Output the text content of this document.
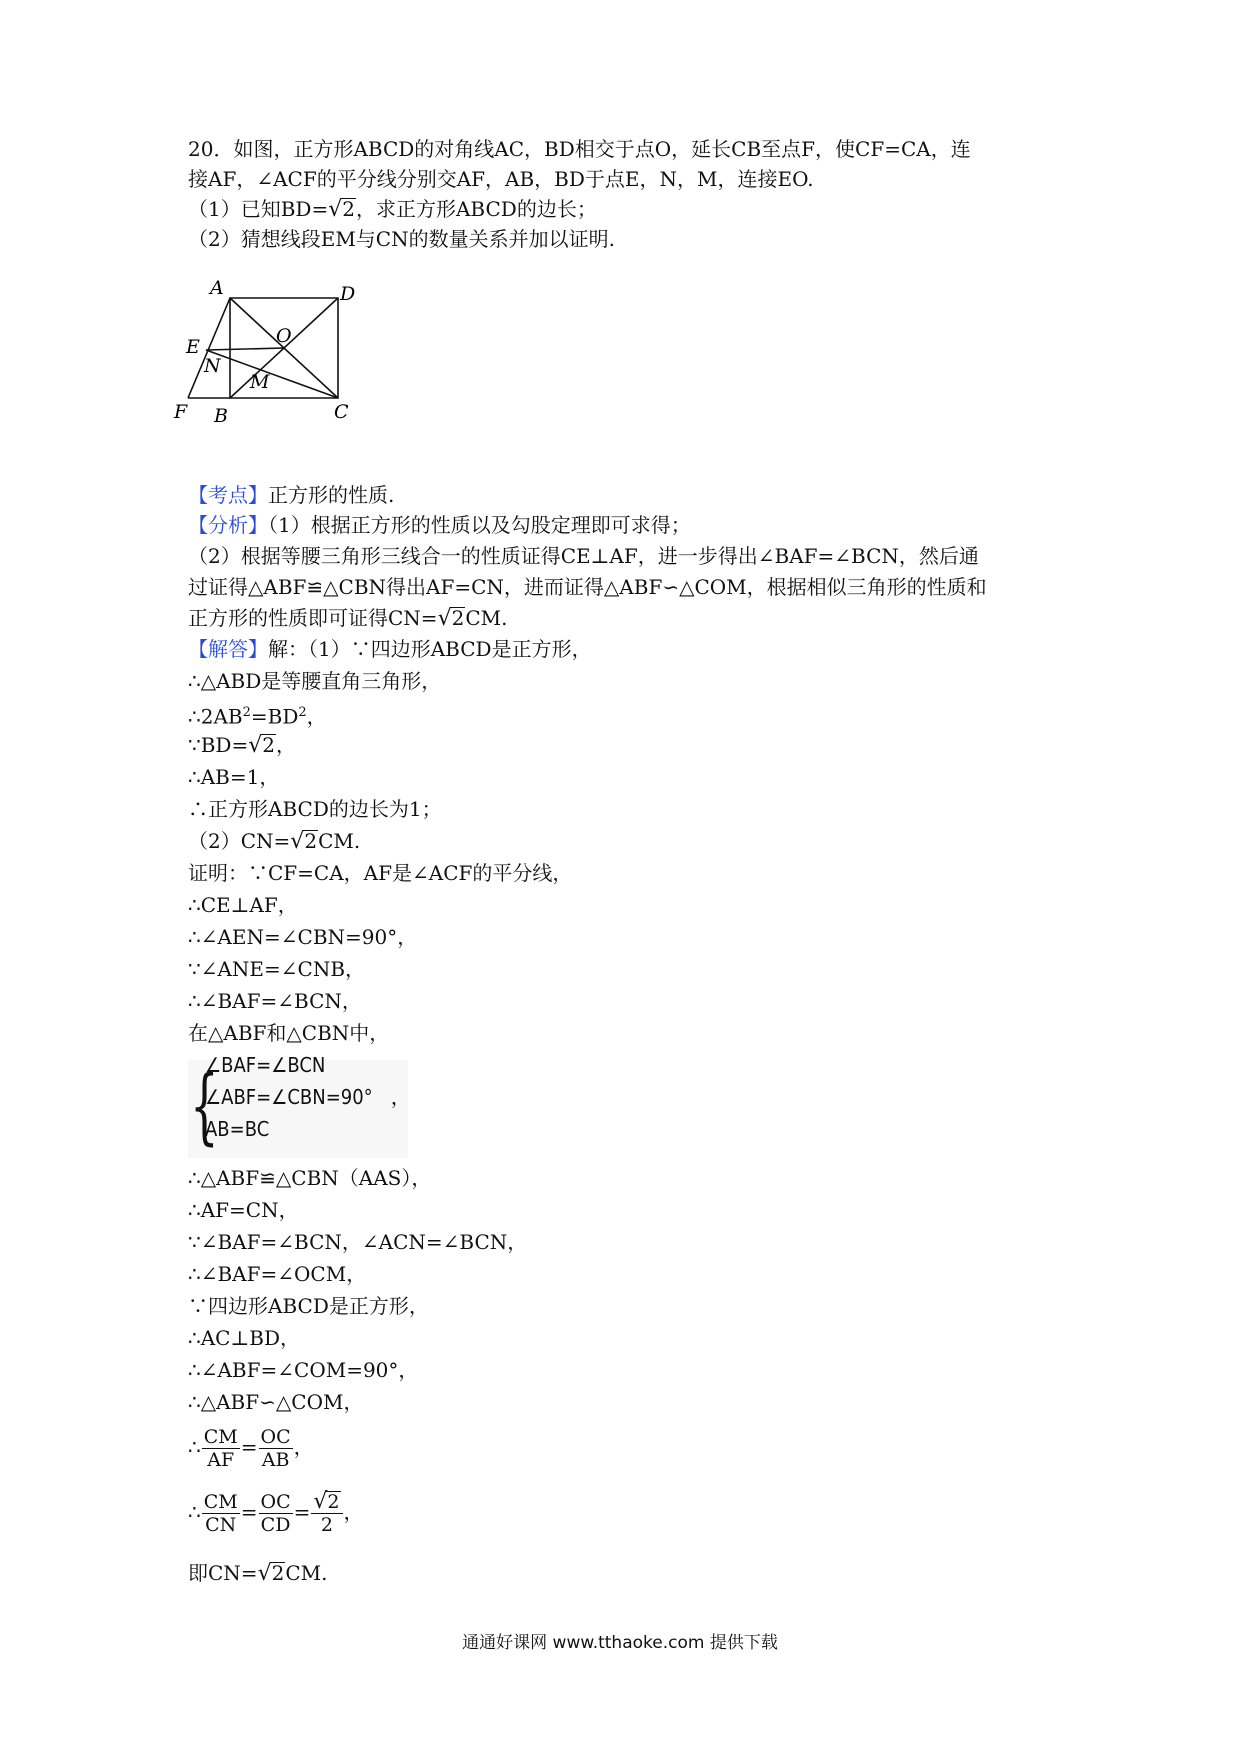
20．如图，正方形ABCD的对角线AC，BD相交于点O，延长CB至点F，使CF=CA，连
接AF，∠ACF的平分线分别交AF，AB，BD于点E，N，M，连接EO.
（1）已知BD=√2，求正方形ABCD的边长；
（2）猜想线段EM与CN的数量关系并加以证明.
A	D
O
E
N
M
F B	C
【考点】正方形的性质.
【分析】（1）根据正方形的性质以及勾股定理即可求得；
（2）根据等腰三角形三线合一的性质证得CE⊥AF，进一步得出∠BAF=∠BCN，然后通
过证得△ABF≌△CBN得出AF=CN，进而证得△ABF∽△COM，根据相似三角形的性质和
正方形的性质即可证得CN=√2CM.
【解答】解：（1）∵四边形ABCD是正方形，
∴△ABD是等腰直角三角形，
$\therefore 2AB^2=BD^2$，
∵BD=√2，
∴AB=1，
∴正方形ABCD的边长为1；
（2）CN=√2CM.
证明：∵CF=CA，AF是∠ACF的平分线，
∴CE⊥AF，
∴∠AEN=∠CBN=90°，
∵∠ANE=∠CNB，
∴∠BAF=∠BCN，
在△ABF和△CBN中，
{
∠BAF=∠BCN
∠ABF=∠CBN=90° ，
AB=BC
∴△ABF≌△CBN（AAS），
∴AF=CN，
∵∠BAF=∠BCN，∠ACN=∠BCN，
∴∠BAF=∠OCM，
∵四边形ABCD是正方形，
∴AC⊥BD，
∴∠ABF=∠COM=90°，
∴△ABF∽△COM，
∴ $\frac{CM}{AF} = \frac{OC}{AB}$ ，
∴ $\frac{CM}{CN} = \frac{OC}{CD} = \frac{√2}{2}$ ，
即CN=√2CM.
通通好课网 www.tthaoke.com 提供下载
